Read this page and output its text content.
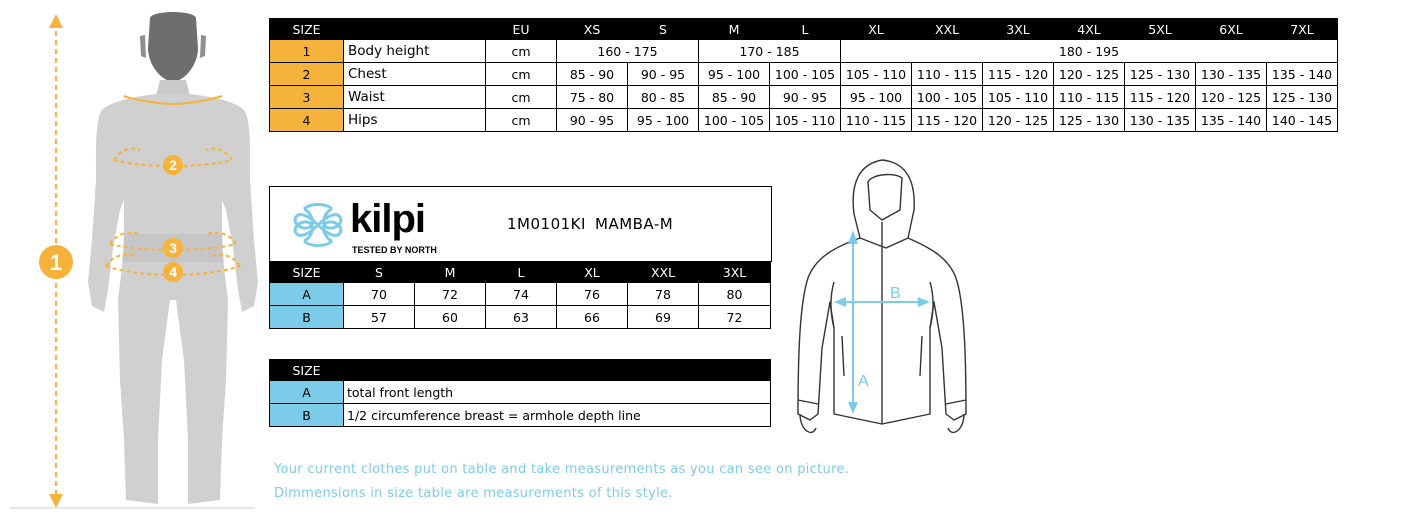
1
2
3
4
SIZE		EU	XS	S	M	L	XL	XXL	3XL	4XL	5XL	6XL	7XL
1	Body height	cm	160 - 175		170 - 185		180 - 195						
2	Chest	cm	85 - 90	90 - 95	95 - 100	100 - 105	105 - 110	110 - 115	115 - 120	120 - 125	125 - 130	130 - 135	135 - 140
3	Waist	cm	75 - 80	80 - 85	85 - 90	90 - 95	95 - 100	100 - 105	105 - 110	110 - 115	115 - 120	120 - 125	125 - 130
4	Hips	cm	90 - 95	95 - 100	100 - 105	105 - 110	110 - 115	115 - 120	120 - 125	125 - 130	130 - 135	135 - 140	140 - 145
kilpi
TESTED BY NORTH
1M0101KI MAMBA-M
SIZE	S	M	L	XL	XXL	3XL
A	70	72	74	76	78	80
B	57	60	63	66	69	72
SIZE	
A	total front length
B	1/2 circumference breast = armhole depth line
A
B
Your current clothes put on table and take measurements as you can see on picture.
Dimmensions in size table are measurements of this style.
